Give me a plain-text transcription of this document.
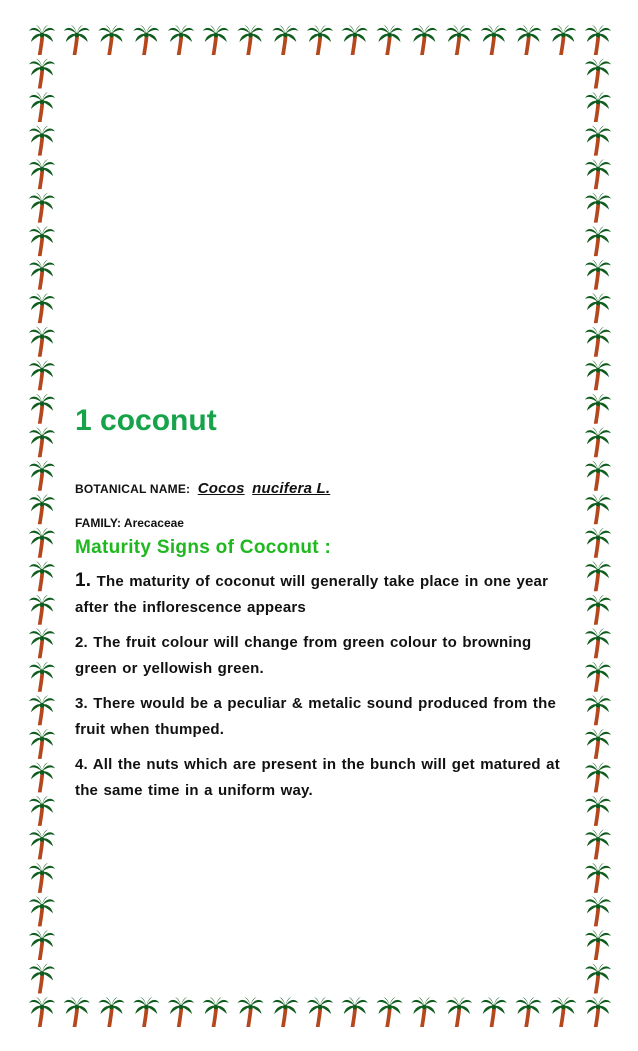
1 coconut
BOTANICAL NAME: Cocos nucifera L.
FAMILY: Arecaceae
Maturity Signs of Coconut :

1. The maturity of coconut will generally take place in one year after the inflorescence appears

2. The fruit colour will change from green colour to browning green or yellowish green.

3. There would be a peculiar & metalic sound produced from the fruit when thumped.

4. All the nuts which are present in the bunch will get matured at the same time in a uniform way.
